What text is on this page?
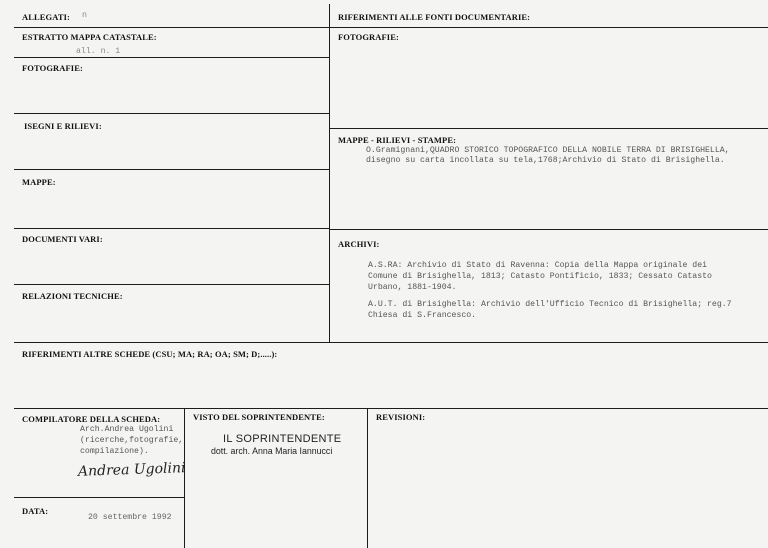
ALLEGATI: n
ESTRATTO MAPPA CATASTALE:
all. n. 1
FOTOGRAFIE:
ISEGNI E RILIEVI:
MAPPE:
DOCUMENTI VARI:
RELAZIONI TECNICHE:
RIFERIMENTI ALLE FONTI DOCUMENTARIE:
FOTOGRAFIE:
MAPPE - RILIEVI - STAMPE:
O.Gramignani,QUADRO STORICO TOPOGRAFICO DELLA NOBILE TERRA DI BRISIGHELLA,
disegno su carta incollata su tela,1768;Archivio di Stato di Brisighella.
ARCHIVI:
A.S.RA: Archivio di Stato di Ravenna: Copia della Mappa originale dei
Comune di Brisighella, 1813; Catasto Pontificio, 1833; Cessato Catasto
Urbano, 1881-1904.
A.U.T. di Brisighella: Archivio dell'Ufficio Tecnico di Brisighella; reg.7
Chiesa di S.Francesco.
RIFERIMENTI ALTRE SCHEDE (CSU; MA; RA; OA; SM; D;.....):
COMPILATORE DELLA SCHEDA:
Arch.Andrea Ugolini
(ricerche,fotografie,
compilazione).
Andrea Ugolini
DATA:
20 settembre 1992
VISTO DEL SOPRINTENDENTE:
IL SOPRINTENDENTE
dott. arch. Anna Maria Iannucci
REVISIONI:
